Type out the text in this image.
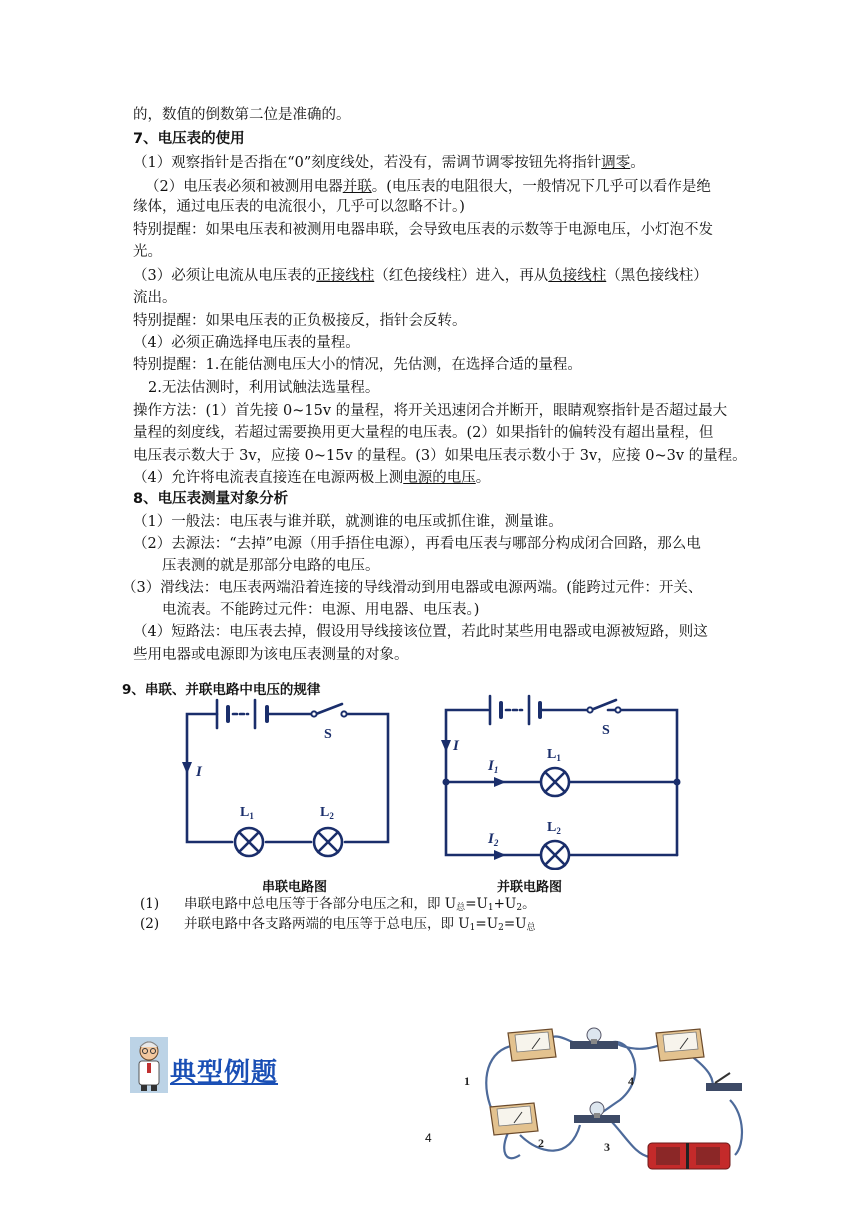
的，数值的倒数第二位是准确的。
7、电压表的使用
（1）观察指针是否指在“0”刻度线处，若没有，需调节调零按钮先将指针调零。
（2）电压表必须和被测用电器并联。(电压表的电阻很大，一般情况下几乎可以看作是绝
缘体，通过电压表的电流很小，几乎可以忽略不计。)
特别提醒：如果电压表和被测用电器串联，会导致电压表的示数等于电源电压，小灯泡不发
光。
（3）必须让电流从电压表的正接线柱（红色接线柱）进入，再从负接线柱（黑色接线柱）
流出。
特别提醒：如果电压表的正负极接反，指针会反转。
（4）必须正确选择电压表的量程。
特别提醒：1.在能估测电压大小的情况，先估测，在选择合适的量程。
2.无法估测时，利用试触法选量程。
操作方法：(1）首先接 0~15v 的量程，将开关迅速闭合并断开，眼睛观察指针是否超过最大
量程的刻度线，若超过需要换用更大量程的电压表。(2）如果指针的偏转没有超出量程，但
电压表示数大于 3v，应接 0~15v 的量程。(3）如果电压表示数小于 3v，应接 0~3v 的量程。
（4）允许将电流表直接连在电源两极上测电源的电压。
8、电压表测量对象分析
（1）一般法：电压表与谁并联，就测谁的电压或抓住谁，测量谁。
（2）去源法：“去掉”电源（用手捂住电源），再看电压表与哪部分构成闭合回路，那么电
压表测的就是那部分电路的电压。
（3）滑线法：电压表两端沿着连接的导线滑动到用电器或电源两端。(能跨过元件：开关、
电流表。不能跨过元件：电源、用电器、电压表。)
（4）短路法：电压表去掉，假设用导线接该位置，若此时某些用电器或电源被短路，则这
些用电器或电源即为该电压表测量的对象。
9、串联、并联电路中电压的规律
I
S
$L_1$	$L_2$
串联电路图
I
$I_1$
$I_2$
S
$L_1$
$L_2$
并联电路图
(1) 串联电路中总电压等于各部分电压之和，即 $U_总=U_1+U_2$。
(2) 并联电路中各支路两端的电压等于总电压，即 $U_1=U_2=U_总$
典型例题
4
1
2	3
4
